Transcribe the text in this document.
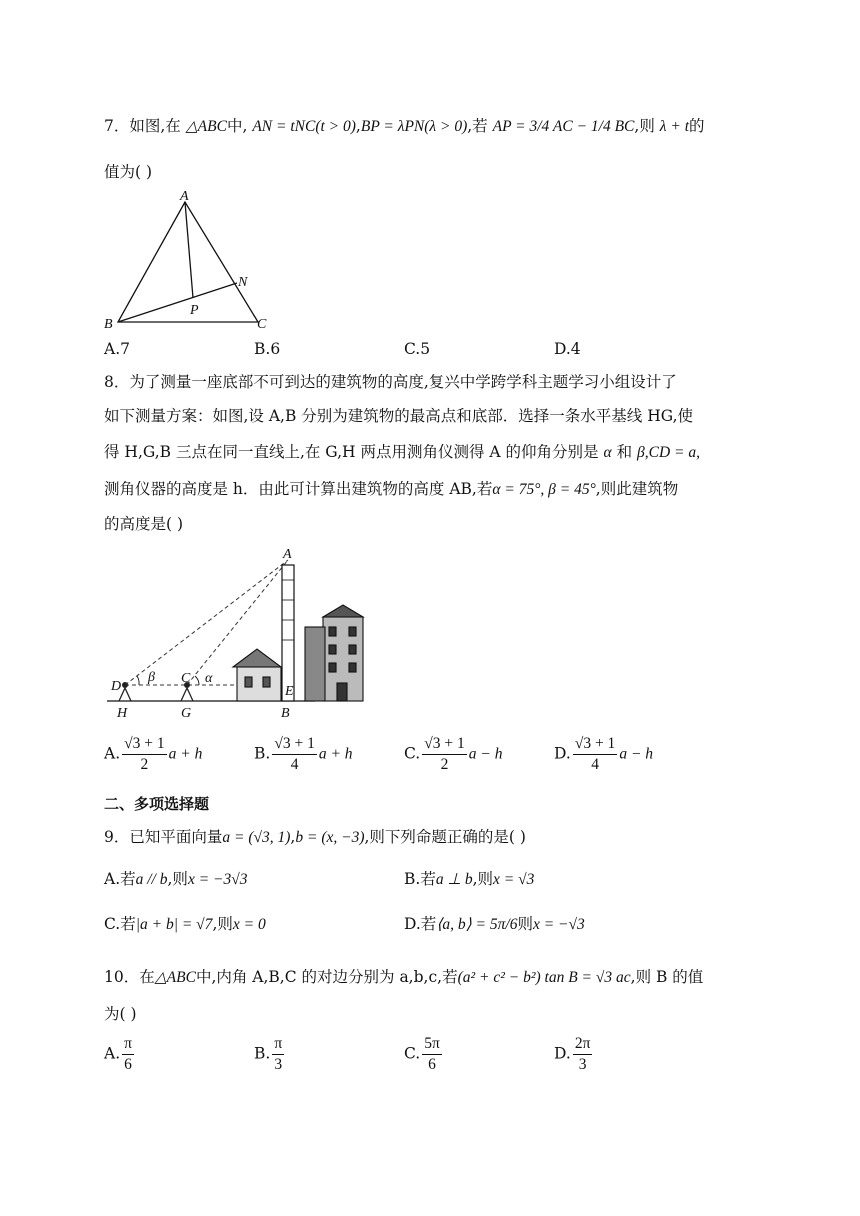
7．如图,在 △ABC中, AN = tNC(t > 0),BP = λPN(λ > 0),若 AP = 3/4 AC − 1/4 BC,则 λ + t的
值为( )
A
B	C
N
P
A.7	B.6	C.5	D.4
8．为了测量一座底部不可到达的建筑物的高度,复兴中学跨学科主题学习小组设计了
如下测量方案：如图,设 A,B 分别为建筑物的最高点和底部．选择一条水平基线 HG,使
得 H,G,B 三点在同一直线上,在 G,H 两点用测角仪测得 A 的仰角分别是 α 和 β,CD = a,
测角仪器的高度是 h．由此可计算出建筑物的高度 AB,若α = 75°, β = 45°,则此建筑物
的高度是( )
A
D
C
E
β	α
H	G	B
A. $\frac{√3 + 1}{2}$ a + h	B. $\frac{√3 + 1}{4}$ a + h	C. $\frac{√3 + 1}{2}$ a − h	D. $\frac{√3 + 1}{4}$ a − h
二、多项选择题
9．已知平面向量a = (√3, 1),b = (x, −3),则下列命题正确的是( )
A.若a // b,则x = −3√3	B.若a ⊥ b,则x = √3
C.若|a + b| = √7,则x = 0	D.若⟨a, b⟩ = 5π/6则x = −√3
10．在△ABC中,内角 A,B,C 的对边分别为 a,b,c,若(a² + c² − b²) tan B = √3 ac,则 B 的值
为( )
A. $\frac{\pi}{6}$	B. $\frac{\pi}{3}$	C. $\frac{5\pi}{6}$	D. $\frac{2\pi}{3}$
